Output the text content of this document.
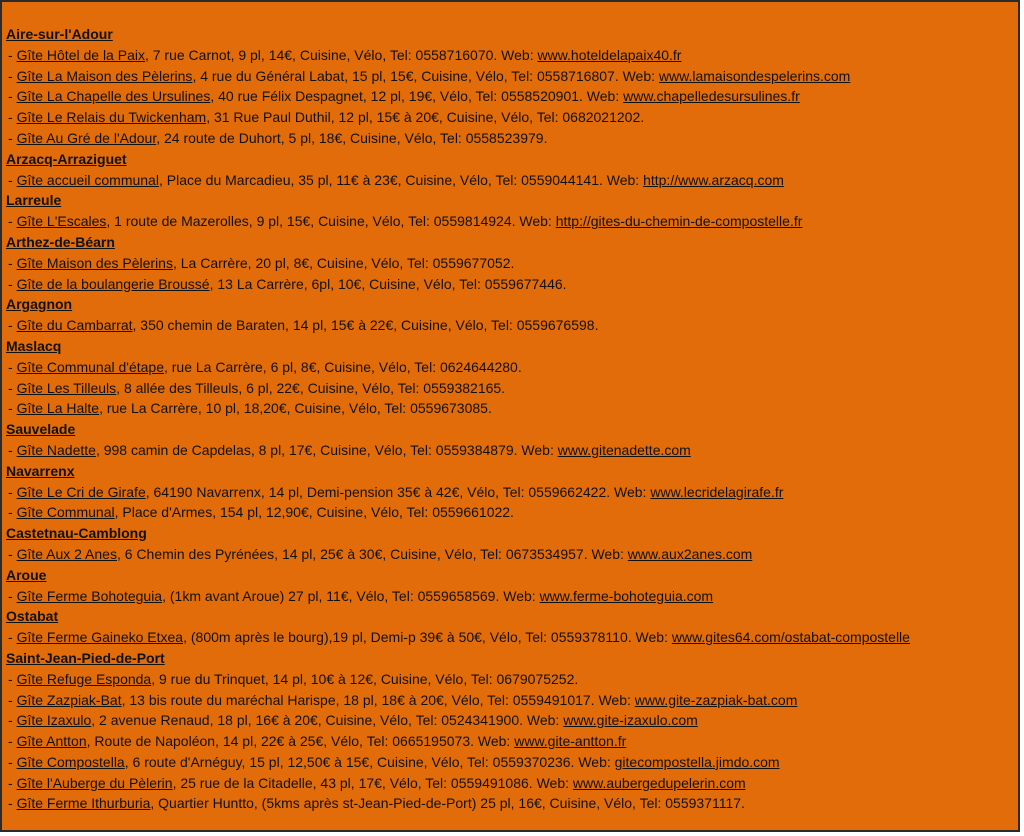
Aire-sur-l'Adour
- Gîte Hôtel de la Paix, 7 rue Carnot, 9 pl, 14€, Cuisine, Vélo, Tel: 0558716070. Web: www.hoteldelapaix40.fr
- Gîte La Maison des Pèlerins, 4 rue du Général Labat, 15 pl, 15€, Cuisine, Vélo, Tel: 0558716807. Web: www.lamaisondespelerins.com
- Gîte La Chapelle des Ursulines, 40 rue Félix Despagnet, 12 pl, 19€, Vélo, Tel: 0558520901. Web: www.chapelledesursulines.fr
- Gîte Le Relais du Twickenham, 31 Rue Paul Duthil, 12 pl, 15€ à 20€, Cuisine, Vélo, Tel: 0682021202.
- Gîte Au Gré de l'Adour, 24 route de Duhort, 5 pl, 18€, Cuisine, Vélo, Tel: 0558523979.
Arzacq-Arraziguet
- Gîte accueil communal, Place du Marcadieu, 35 pl, 11€ à 23€, Cuisine, Vélo, Tel: 0559044141. Web: http://www.arzacq.com
Larreule
- Gîte L'Escales, 1 route de Mazerolles, 9 pl, 15€, Cuisine, Vélo, Tel: 0559814924. Web: http://gites-du-chemin-de-compostelle.fr
Arthez-de-Béarn
- Gîte Maison des Pèlerins, La Carrère, 20 pl, 8€, Cuisine, Vélo, Tel: 0559677052.
- Gîte de la boulangerie Broussé, 13 La Carrère, 6pl, 10€, Cuisine, Vélo, Tel: 0559677446.
Argagnon
- Gîte du Cambarrat, 350 chemin de Baraten, 14 pl, 15€ à 22€, Cuisine, Vélo, Tel: 0559676598.
Maslacq
- Gîte Communal d'étape, rue La Carrère, 6 pl, 8€, Cuisine, Vélo, Tel: 0624644280.
- Gîte Les Tilleuls, 8 allée des Tilleuls, 6 pl, 22€, Cuisine, Vélo, Tel: 0559382165.
- Gîte La Halte, rue La Carrère, 10 pl, 18,20€, Cuisine, Vélo, Tel: 0559673085.
Sauvelade
- Gîte Nadette, 998 camin de Capdelas, 8 pl, 17€, Cuisine, Vélo, Tel: 0559384879. Web: www.gitenadette.com
Navarrenx
- Gîte Le Cri de Girafe, 64190 Navarrenx, 14 pl, Demi-pension 35€ à 42€, Vélo, Tel: 0559662422. Web: www.lecridelagirafe.fr
- Gîte Communal, Place d'Armes, 154 pl, 12,90€, Cuisine, Vélo, Tel: 0559661022.
Castetnau-Camblong
- Gîte Aux 2 Anes, 6 Chemin des Pyrénées, 14 pl, 25€ à 30€, Cuisine, Vélo, Tel: 0673534957. Web: www.aux2anes.com
Aroue
- Gîte Ferme Bohoteguia, (1km avant Aroue) 27 pl, 11€, Vélo, Tel: 0559658569. Web: www.ferme-bohoteguia.com
Ostabat
- Gîte Ferme Gaineko Etxea, (800m après le bourg),19 pl, Demi-p 39€ à 50€, Vélo, Tel: 0559378110. Web: www.gites64.com/ostabat-compostelle
Saint-Jean-Pied-de-Port
- Gîte Refuge Esponda, 9 rue du Trinquet, 14 pl, 10€ à 12€, Cuisine, Vélo, Tel: 0679075252.
- Gîte Zazpiak-Bat, 13 bis route du maréchal Harispe, 18 pl, 18€ à 20€, Vélo, Tel: 0559491017. Web: www.gite-zazpiak-bat.com
- Gîte Izaxulo, 2 avenue Renaud, 18 pl, 16€ à 20€, Cuisine, Vélo, Tel: 0524341900. Web: www.gite-izaxulo.com
- Gîte Antton, Route de Napoléon, 14 pl, 22€ à 25€, Vélo, Tel: 0665195073. Web: www.gite-antton.fr
- Gîte Compostella, 6 route d'Arnéguy, 15 pl, 12,50€ à 15€, Cuisine, Vélo, Tel: 0559370236. Web: gitecompostella.jimdo.com
- Gîte l'Auberge du Pèlerin, 25 rue de la Citadelle, 43 pl, 17€, Vélo, Tel: 0559491086. Web: www.aubergedupelerin.com
- Gîte Ferme Ithurburia, Quartier Huntto, (5kms après st-Jean-Pied-de-Port) 25 pl, 16€, Cuisine, Vélo, Tel: 0559371117.
